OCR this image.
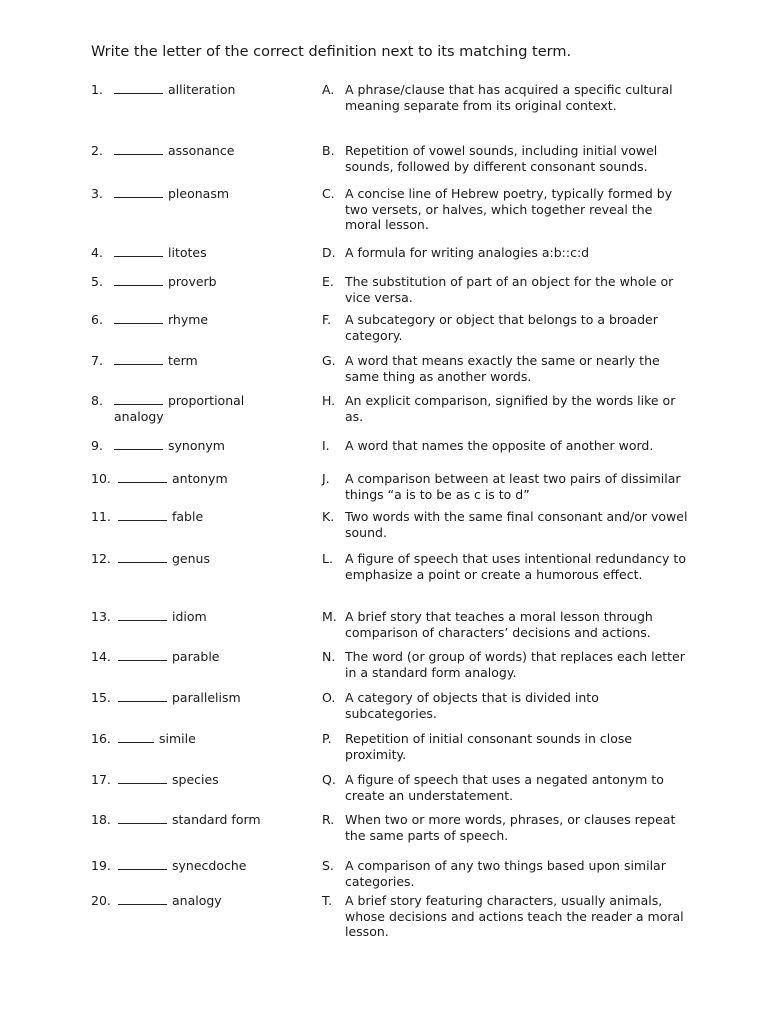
Write the letter of the correct definition next to its matching term.
1.	alliteration
2.	assonance
3.	pleonasm
4.	litotes
5.	proverb
6.	rhyme
7.	term
8.	proportional
analogy
9.	synonym
10.	antonym
11.	fable
12.	genus
13.	idiom
14.	parable
15.	parallelism
16.	simile
17.	species
18.	standard form
19.	synecdoche
20.	analogy
A. A phrase/clause that has acquired a specific cultural meaning separate from its original context.
B. Repetition of vowel sounds, including initial vowel sounds, followed by different consonant sounds.
C. A concise line of Hebrew poetry, typically formed by two versets, or halves, which together reveal the moral lesson.
D. A formula for writing analogies a:b::c:d
E. The substitution of part of an object for the whole or vice versa.
F. A subcategory or object that belongs to a broader category.
G. A word that means exactly the same or nearly the same thing as another words.
H. An explicit comparison, signified by the words like or as.
I. A word that names the opposite of another word.
J. A comparison between at least two pairs of dissimilar things “a is to be as c is to d”
K. Two words with the same final consonant and/or vowel sound.
L. A figure of speech that uses intentional redundancy to emphasize a point or create a humorous effect.
M. A brief story that teaches a moral lesson through comparison of characters’ decisions and actions.
N. The word (or group of words) that replaces each letter in a standard form analogy.
O. A category of objects that is divided into subcategories.
P. Repetition of initial consonant sounds in close proximity.
Q. A figure of speech that uses a negated antonym to create an understatement.
R. When two or more words, phrases, or clauses repeat the same parts of speech.
S. A comparison of any two things based upon similar categories.
T. A brief story featuring characters, usually animals, whose decisions and actions teach the reader a moral lesson.
